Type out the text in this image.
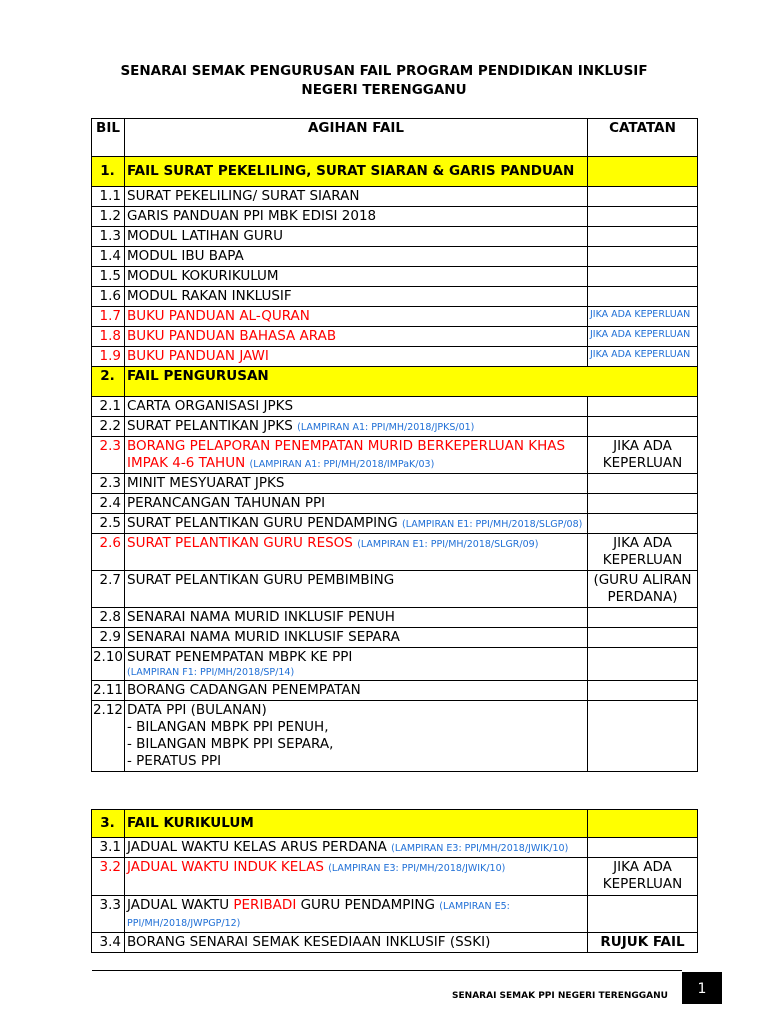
SENARAI SEMAK PENGURUSAN FAIL PROGRAM PENDIDIKAN INKLUSIF
NEGERI TERENGGANU
BIL	AGIHAN FAIL	CATATAN
1.	FAIL SURAT PEKELILING, SURAT SIARAN & GARIS PANDUAN	
1.1	SURAT PEKELILING/ SURAT SIARAN	
1.2	GARIS PANDUAN PPI MBK EDISI 2018	
1.3	MODUL LATIHAN GURU	
1.4	MODUL IBU BAPA	
1.5	MODUL KOKURIKULUM	
1.6	MODUL RAKAN INKLUSIF	
1.7	BUKU PANDUAN AL-QURAN	JIKA ADA KEPERLUAN
1.8	BUKU PANDUAN BAHASA ARAB	JIKA ADA KEPERLUAN
1.9	BUKU PANDUAN JAWI	JIKA ADA KEPERLUAN
2.	FAIL PENGURUSAN	
2.1	CARTA ORGANISASI JPKS	
2.2	SURAT PELANTIKAN JPKS (LAMPIRAN A1: PPI/MH/2018/JPKS/01)	
2.3	BORANG PELAPORAN PENEMPATAN MURID BERKEPERLUAN KHAS IMPAK 4-6 TAHUN (LAMPIRAN A1: PPI/MH/2018/IMPaK/03)	JIKA ADA KEPERLUAN
2.3	MINIT MESYUARAT JPKS	
2.4	PERANCANGAN TAHUNAN PPI	
2.5	SURAT PELANTIKAN GURU PENDAMPING (LAMPIRAN E1: PPI/MH/2018/SLGP/08)	
2.6	SURAT PELANTIKAN GURU RESOS (LAMPIRAN E1: PPI/MH/2018/SLGR/09)	JIKA ADA KEPERLUAN
2.7	SURAT PELANTIKAN GURU PEMBIMBING	(GURU ALIRAN PERDANA)
2.8	SENARAI NAMA MURID INKLUSIF PENUH	
2.9	SENARAI NAMA MURID INKLUSIF SEPARA	
2.10	SURAT PENEMPATAN MBPK KE PPI
(LAMPIRAN F1: PPI/MH/2018/SP/14)	

2.11	BORANG CADANGAN PENEMPATAN	
2.12	DATA PPI (BULANAN)
- BILANGAN MBPK PPI PENUH,
- BILANGAN MBPK PPI SEPARA,
- PERATUS PPI	

3.	FAIL KURIKULUM	
3.1	JADUAL WAKTU KELAS ARUS PERDANA (LAMPIRAN E3: PPI/MH/2018/JWIK/10)	
3.2	JADUAL WAKTU INDUK KELAS (LAMPIRAN E3: PPI/MH/2018/JWIK/10)	JIKA ADA KEPERLUAN
3.3	JADUAL WAKTU PERIBADI GURU PENDAMPING (LAMPIRAN E5: PPI/MH/2018/JWPGP/12)	
3.4	BORANG SENARAI SEMAK KESEDIAAN INKLUSIF (SSKI)	RUJUK FAIL
SENARAI SEMAK PPI NEGERI TERENGGANU	1
